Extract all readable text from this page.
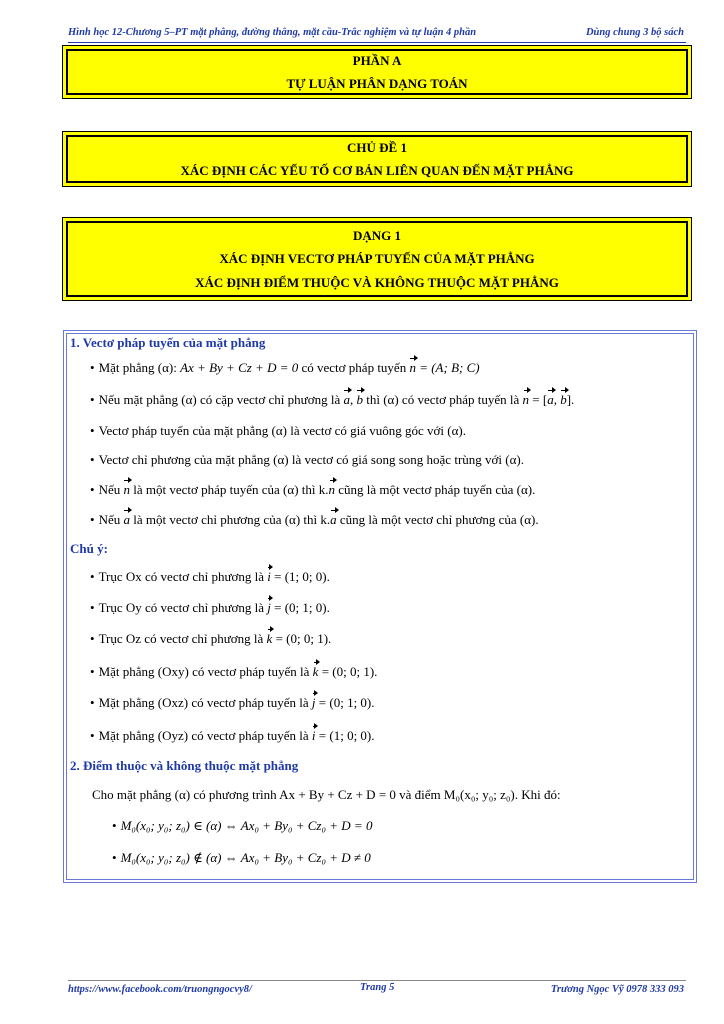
Hình học 12-Chương 5–PT mặt phẳng, đường thẳng, mặt cầu-Trắc nghiệm và tự luận 4 phần	Dùng chung 3 bộ sách
PHẦN A
TỰ LUẬN PHÂN DẠNG TOÁN
CHỦ ĐỀ 1
XÁC ĐỊNH CÁC YẾU TỐ CƠ BẢN LIÊN QUAN ĐẾN MẶT PHẲNG
DẠNG 1
XÁC ĐỊNH VECTƠ PHÁP TUYẾN CỦA MẶT PHẲNG
XÁC ĐỊNH ĐIỂM THUỘC VÀ KHÔNG THUỘC MẶT PHẲNG
1. Vectơ pháp tuyến của mặt phẳng
• Mặt phẳng (α): Ax + By + Cz + D = 0 có vectơ pháp tuyến n = (A; B; C)
• Nếu mặt phẳng (α) có cặp vectơ chỉ phương là a, b thì (α) có vectơ pháp tuyến là n = [a, b].
• Vectơ pháp tuyến của mặt phẳng (α) là vectơ có giá vuông góc với (α).
• Vectơ chỉ phương của mặt phẳng (α) là vectơ có giá song song hoặc trùng với (α).
• Nếu n là một vectơ pháp tuyến của (α) thì k.n cũng là một vectơ pháp tuyến của (α).
• Nếu a là một vectơ chỉ phương của (α) thì k.a cũng là một vectơ chỉ phương của (α).
Chú ý:
• Trục Ox có vectơ chỉ phương là i = (1; 0; 0).
• Trục Oy có vectơ chỉ phương là j = (0; 1; 0).
• Trục Oz có vectơ chỉ phương là k = (0; 0; 1).
• Mặt phẳng (Oxy) có vectơ pháp tuyến là k = (0; 0; 1).
• Mặt phẳng (Oxz) có vectơ pháp tuyến là j = (0; 1; 0).
• Mặt phẳng (Oyz) có vectơ pháp tuyến là i = (1; 0; 0).
2. Điểm thuộc và không thuộc mặt phẳng
Cho mặt phẳng (α) có phương trình Ax + By + Cz + D = 0 và điểm M₀(x₀; y₀; z₀). Khi đó:
• M₀(x₀; y₀; z₀) ∈ (α) ⇔ Ax₀ + By₀ + Cz₀ + D = 0
• M₀(x₀; y₀; z₀) ∉ (α) ⇔ Ax₀ + By₀ + Cz₀ + D ≠ 0
https://www.facebook.com/truongngocvy8/	Trang 5	Trương Ngọc Vỹ 0978 333 093
